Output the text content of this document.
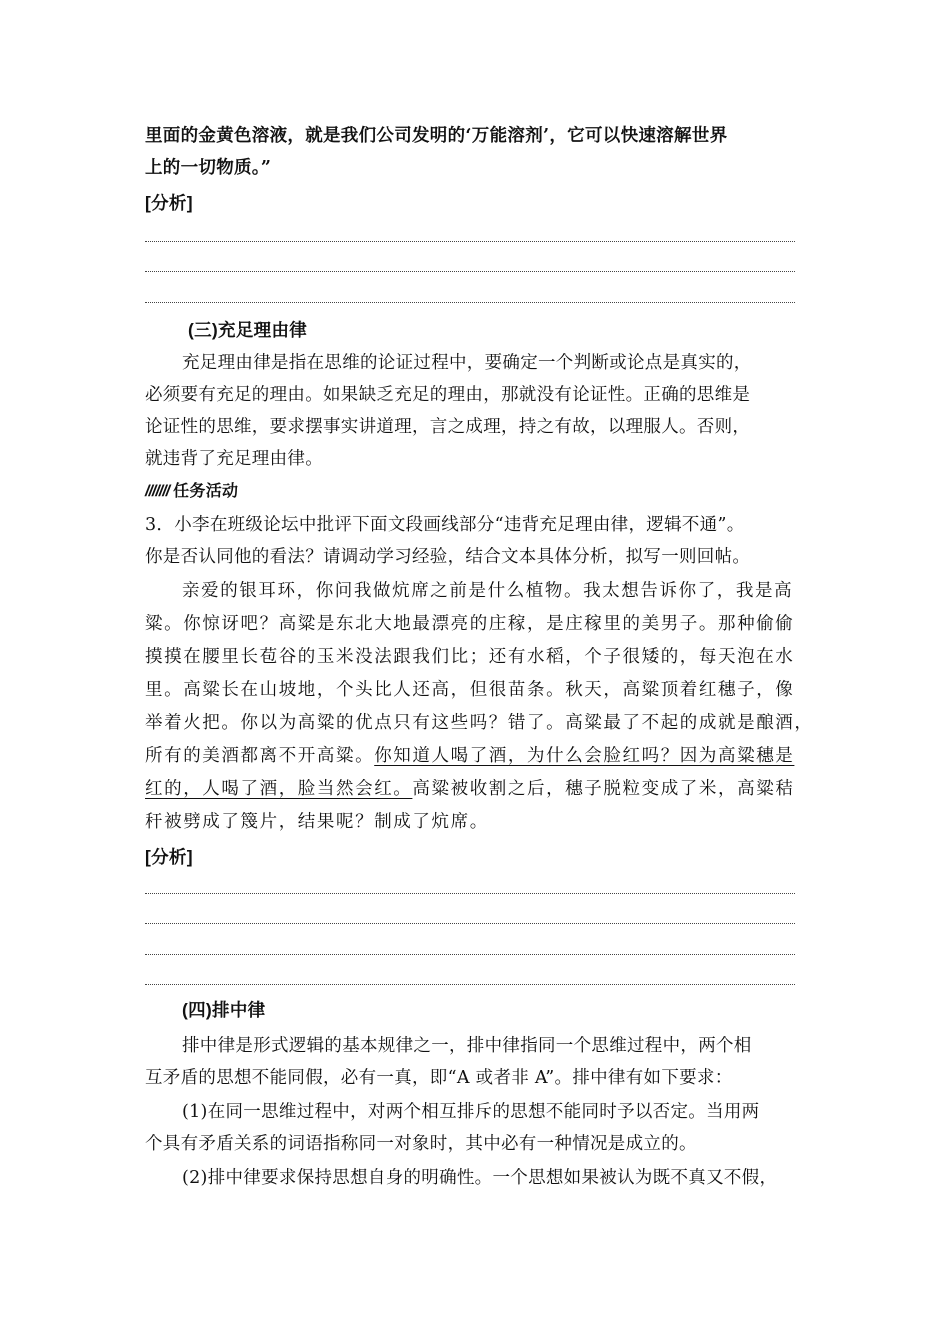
里面的金黄色溶液，就是我们公司发明的‘万能溶剂’，它可以快速溶解世界
上的一切物质。”
[分析]
(三)充足理由律
充足理由律是指在思维的论证过程中，要确定一个判断或论点是真实的，
必须要有充足的理由。如果缺乏充足的理由，那就没有论证性。正确的思维是
论证性的思维，要求摆事实讲道理，言之成理，持之有故，以理服人。否则，
就违背了充足理由律。
/////// 任务活动
3．小李在班级论坛中批评下面文段画线部分“违背充足理由律，逻辑不通”。
你是否认同他的看法？请调动学习经验，结合文本具体分析，拟写一则回帖。
亲爱的银耳环，你问我做炕席之前是什么植物。我太想告诉你了，我是高
粱。你惊讶吧？高粱是东北大地最漂亮的庄稼，是庄稼里的美男子。那种偷偷
摸摸在腰里长苞谷的玉米没法跟我们比；还有水稻，个子很矮的，每天泡在水
里。高粱长在山坡地，个头比人还高，但很苗条。秋天，高粱顶着红穗子，像
举着火把。你以为高粱的优点只有这些吗？错了。高粱最了不起的成就是酿酒，
所有的美酒都离不开高粱。你知道人喝了酒，为什么会脸红吗？因为高粱穗是
红的，人喝了酒，脸当然会红。高粱被收割之后，穗子脱粒变成了米，高粱秸
秆被劈成了篾片，结果呢？制成了炕席。
[分析]
(四)排中律
排中律是形式逻辑的基本规律之一，排中律指同一个思维过程中，两个相
互矛盾的思想不能同假，必有一真，即“A 或者非 A”。排中律有如下要求：
(1)在同一思维过程中，对两个相互排斥的思想不能同时予以否定。当用两
个具有矛盾关系的词语指称同一对象时，其中必有一种情况是成立的。
(2)排中律要求保持思想自身的明确性。一个思想如果被认为既不真又不假，
